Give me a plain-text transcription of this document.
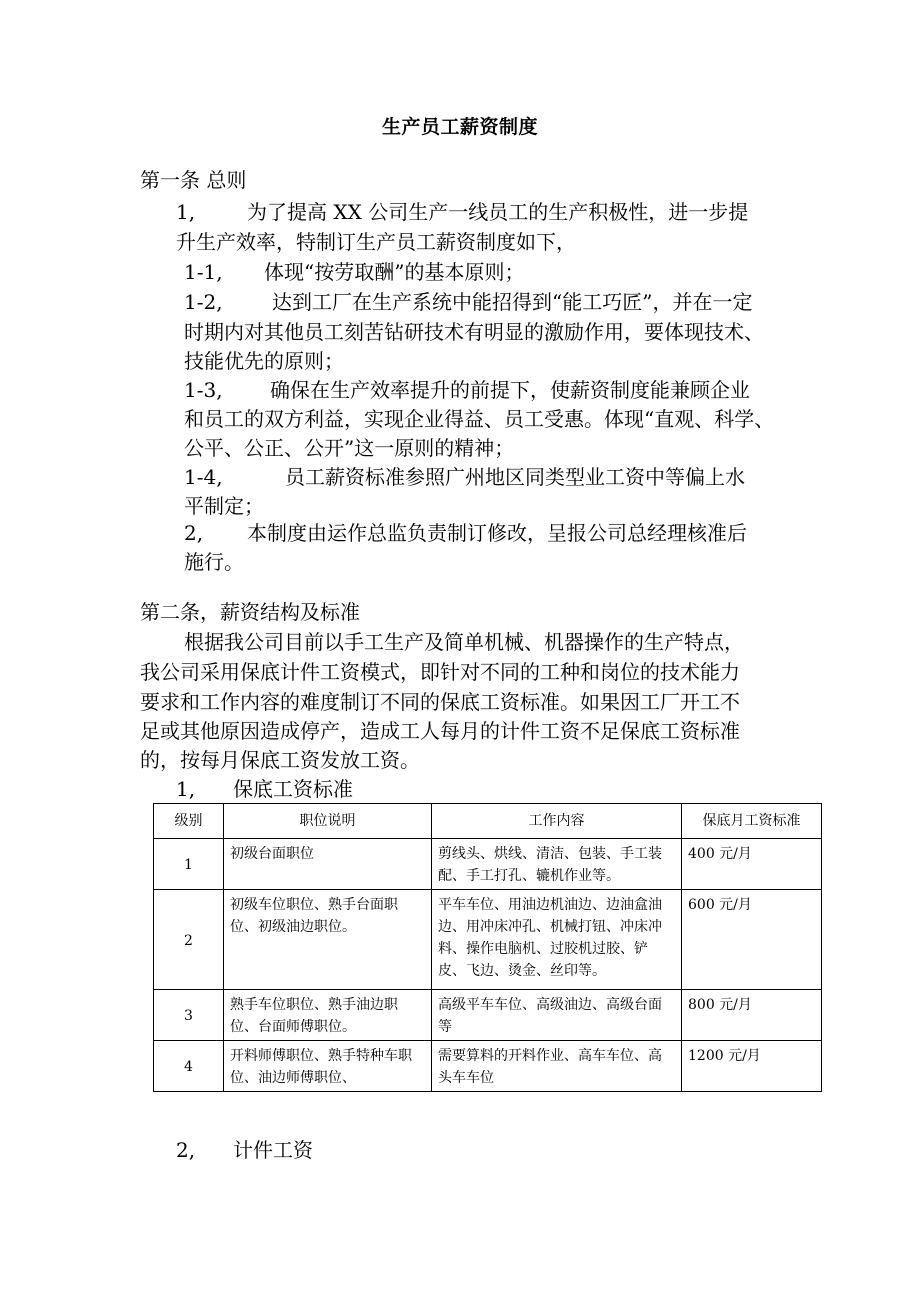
生产员工薪资制度
第一条 总则
1,	为了提高 XX 公司生产一线员工的生产积极性，进一步提
升生产效率，特制订生产员工薪资制度如下，
1-1, 体现“按劳取酬”的基本原则；
1-2, 达到工厂在生产系统中能招得到“能工巧匠”，并在一定
时期内对其他员工刻苦钻研技术有明显的激励作用，要体现技术、
技能优先的原则；
1-3, 确保在生产效率提升的前提下，使薪资制度能兼顾企业
和员工的双方利益，实现企业得益、员工受惠。体现“直观、科学、
公平、公正、公开”这一原则的精神；
1-4,	员工薪资标准参照广州地区同类型业工资中等偏上水
平制定；
2, 本制度由运作总监负责制订修改，呈报公司总经理核准后
施行。
第二条，薪资结构及标准
根据我公司目前以手工生产及简单机械、机器操作的生产特点，
我公司采用保底计件工资模式，即针对不同的工种和岗位的技术能力
要求和工作内容的难度制订不同的保底工资标准。如果因工厂开工不
足或其他原因造成停产，造成工人每月的计件工资不足保底工资标准
的，按每月保底工资发放工资。
1, 保底工资标准
级别	职位说明	工作内容	保底月工资标准
1	初级台面职位	剪线头、烘线、清洁、包装、手工装配、手工打孔、辘机作业等。	400 元/月
2	初级车位职位、熟手台面职位、初级油边职位。	平车车位、用油边机油边、边油盒油边、用冲床冲孔、机械打钮、冲床冲料、操作电脑机、过胶机过胶、铲皮、飞边、烫金、丝印等。	600 元/月
3	熟手车位职位、熟手油边职位、台面师傅职位。	高级平车车位、高级油边、高级台面等	800 元/月
4	开料师傅职位、熟手特种车职位、油边师傅职位、	需要算料的开料作业、高车车位、高头车车位	1200 元/月
2, 计件工资
